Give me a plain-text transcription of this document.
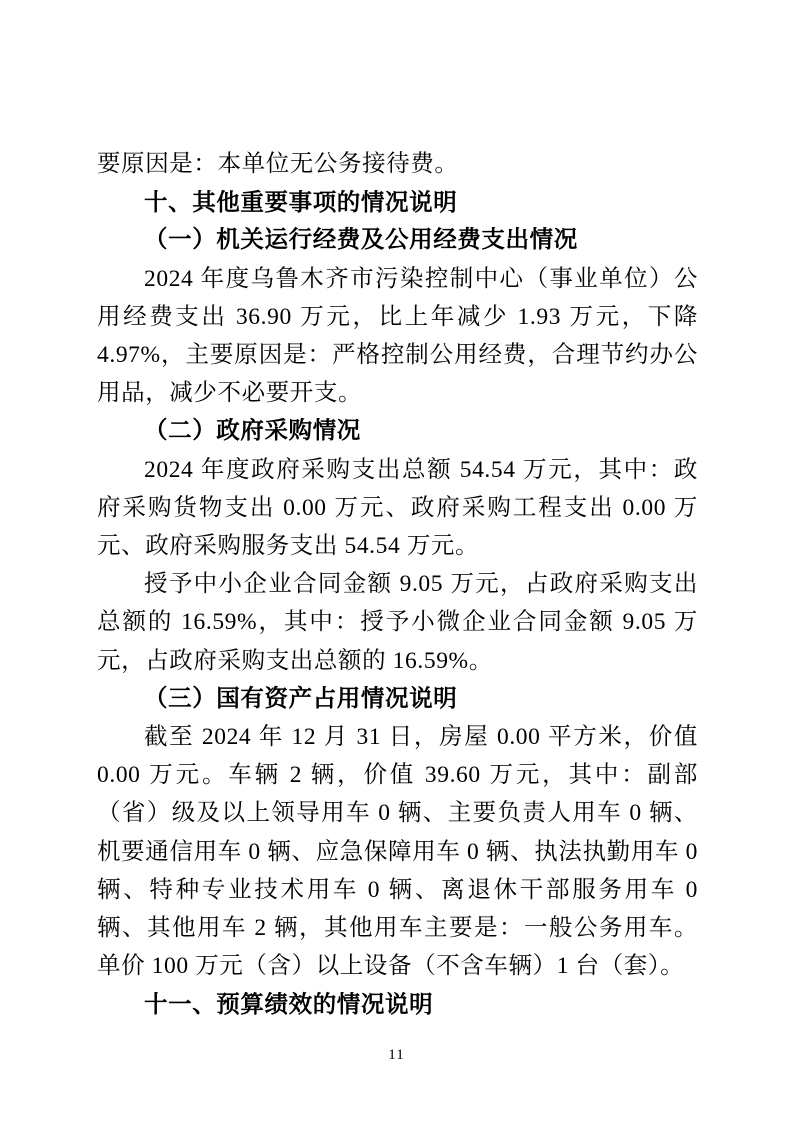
要原因是：本单位无公务接待费。

十、其他重要事项的情况说明
（一）机关运行经费及公用经费支出情况

2024 年度乌鲁木齐市污染控制中心（事业单位）公用经费支出 36.90 万元，比上年减少 1.93 万元，下降 4.97%，主要原因是：严格控制公用经费，合理节约办公用品，减少不必要开支。

（二）政府采购情况

2024 年度政府采购支出总额 54.54 万元，其中：政府采购货物支出 0.00 万元、政府采购工程支出 0.00 万元、政府采购服务支出 54.54 万元。

授予中小企业合同金额 9.05 万元，占政府采购支出总额的 16.59%，其中：授予小微企业合同金额 9.05 万元，占政府采购支出总额的 16.59%。

（三）国有资产占用情况说明

截至 2024 年 12 月 31 日，房屋 0.00 平方米，价值 0.00 万元。车辆 2 辆，价值 39.60 万元，其中：副部（省）级及以上领导用车 0 辆、主要负责人用车 0 辆、机要通信用车 0 辆、应急保障用车 0 辆、执法执勤用车 0 辆、特种专业技术用车 0 辆、离退休干部服务用车 0 辆、其他用车 2 辆，其他用车主要是：一般公务用车。单价 100 万元（含）以上设备（不含车辆）1 台（套）。

十一、预算绩效的情况说明
11
